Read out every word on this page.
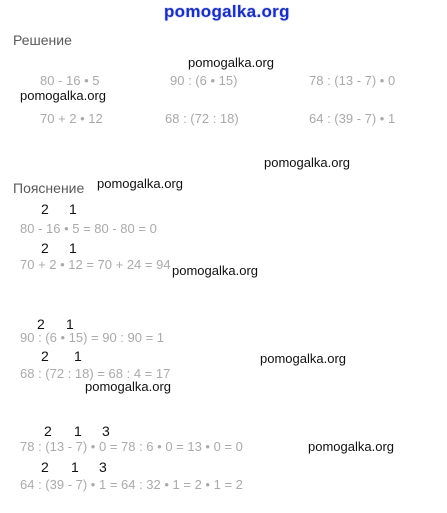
pomogalka.org
Решение
80 - 16 • 5	90 : (6 • 15)	78 : (13 - 7) • 0
70 + 2 • 12	68 : (72 : 18)	64 : (39 - 7) • 1
Пояснение
2 1
80 - 16 • 5 = 80 - 80 = 0
2 1
70 + 2 • 12 = 70 + 24 = 94
2 1
90 : (6 • 15) = 90 : 90 = 1
2 1
68 : (72 : 18) = 68 : 4 = 17
2 1 3
78 : (13 - 7) • 0 = 78 : 6 • 0 = 13 • 0 = 0
2 1 3
64 : (39 - 7) • 1 = 64 : 32 • 1 = 2 • 1 = 2
pomogalka.org
pomogalka.org
pomogalka.org
pomogalka.org
pomogalka.org
pomogalka.org
pomogalka.org
pomogalka.org
